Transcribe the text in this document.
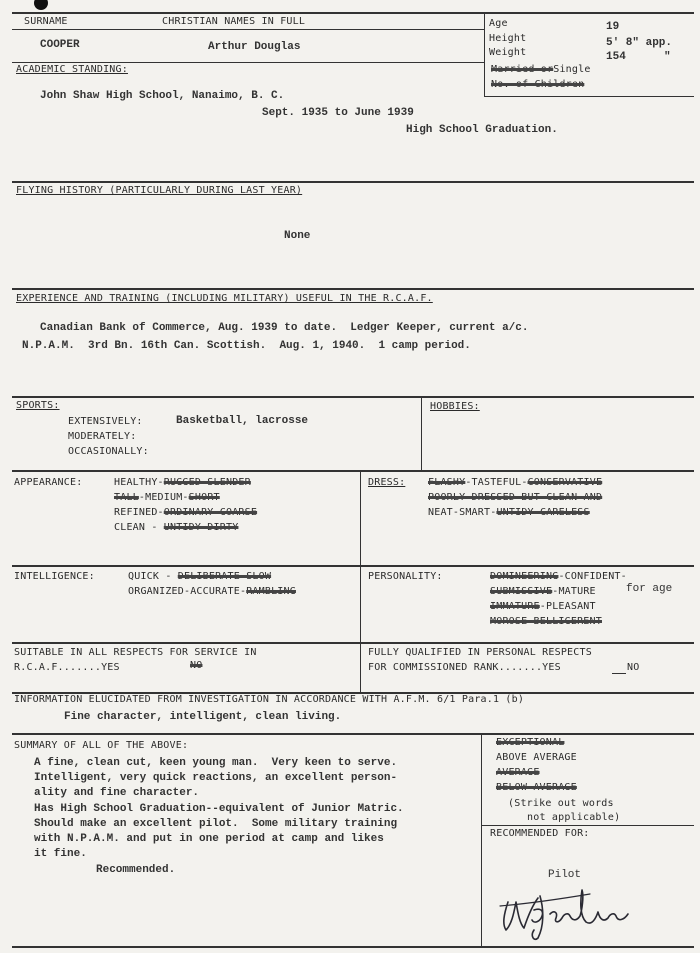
SURNAME	CHRISTIAN NAMES IN FULL
COOPER	Arthur Douglas
Age	19
Height	5' 8" app.
Weight	154	"
Married orSingle
No. of Children
ACADEMIC STANDING:
John Shaw High School, Nanaimo, B. C.
Sept. 1935 to June 1939
High School Graduation.
FLYING HISTORY (PARTICULARLY DURING LAST YEAR)
None
EXPERIENCE AND TRAINING (INCLUDING MILITARY) USEFUL IN THE R.C.A.F.
Canadian Bank of Commerce, Aug. 1939 to date.  Ledger Keeper, current a/c.
N.P.A.M.  3rd Bn. 16th Can. Scottish.  Aug. 1, 1940.  1 camp period.
SPORTS:
EXTENSIVELY:	Basketball, lacrosse
MODERATELY:
OCCASIONALLY:
HOBBIES:
APPEARANCE:	HEALTHY-RUGGED-SLENDER
TALL-MEDIUM-SHORT
REFINED-ORDINARY-COARSE
CLEAN - UNTIDY-DIRTY
DRESS: FLASHY-TASTEFUL-CONSERVATIVE
POORLY DRESSED BUT CLEAN AND
NEAT-SMART-UNTIDY-CARELESS
INTELLIGENCE:	QUICK - DELIBERATE-SLOW
ORGANIZED-ACCURATE-RAMBLING
PERSONALITY:	DOMINEERING-CONFIDENT-
SUBMISSIVE-MATURE	for age
IMMATURE-PLEASANT
MOROSE-BELLIGERENT
SUITABLE IN ALL RESPECTS FOR SERVICE IN
R.C.A.F.......YES	NO
FULLY QUALIFIED IN PERSONAL RESPECTS
FOR COMMISSIONED RANK.......YES	NO
INFORMATION ELUCIDATED FROM INVESTIGATION IN ACCORDANCE WITH A.F.M. 6/1 Para.1 (b)
Fine character, intelligent, clean living.
SUMMARY OF ALL OF THE ABOVE:
A fine, clean cut, keen young man.  Very keen to serve.
Intelligent, very quick reactions, an excellent person-
ality and fine character.
Has High School Graduation--equivalent of Junior Matric.
Should make an excellent pilot.  Some military training
with N.P.A.M. and put in one period at camp and likes
it fine.
Recommended.
EXCEPTIONAL
ABOVE AVERAGE
AVERAGE
BELOW AVERAGE
(Strike out words
not applicable)
RECOMMENDED FOR:
Pilot
